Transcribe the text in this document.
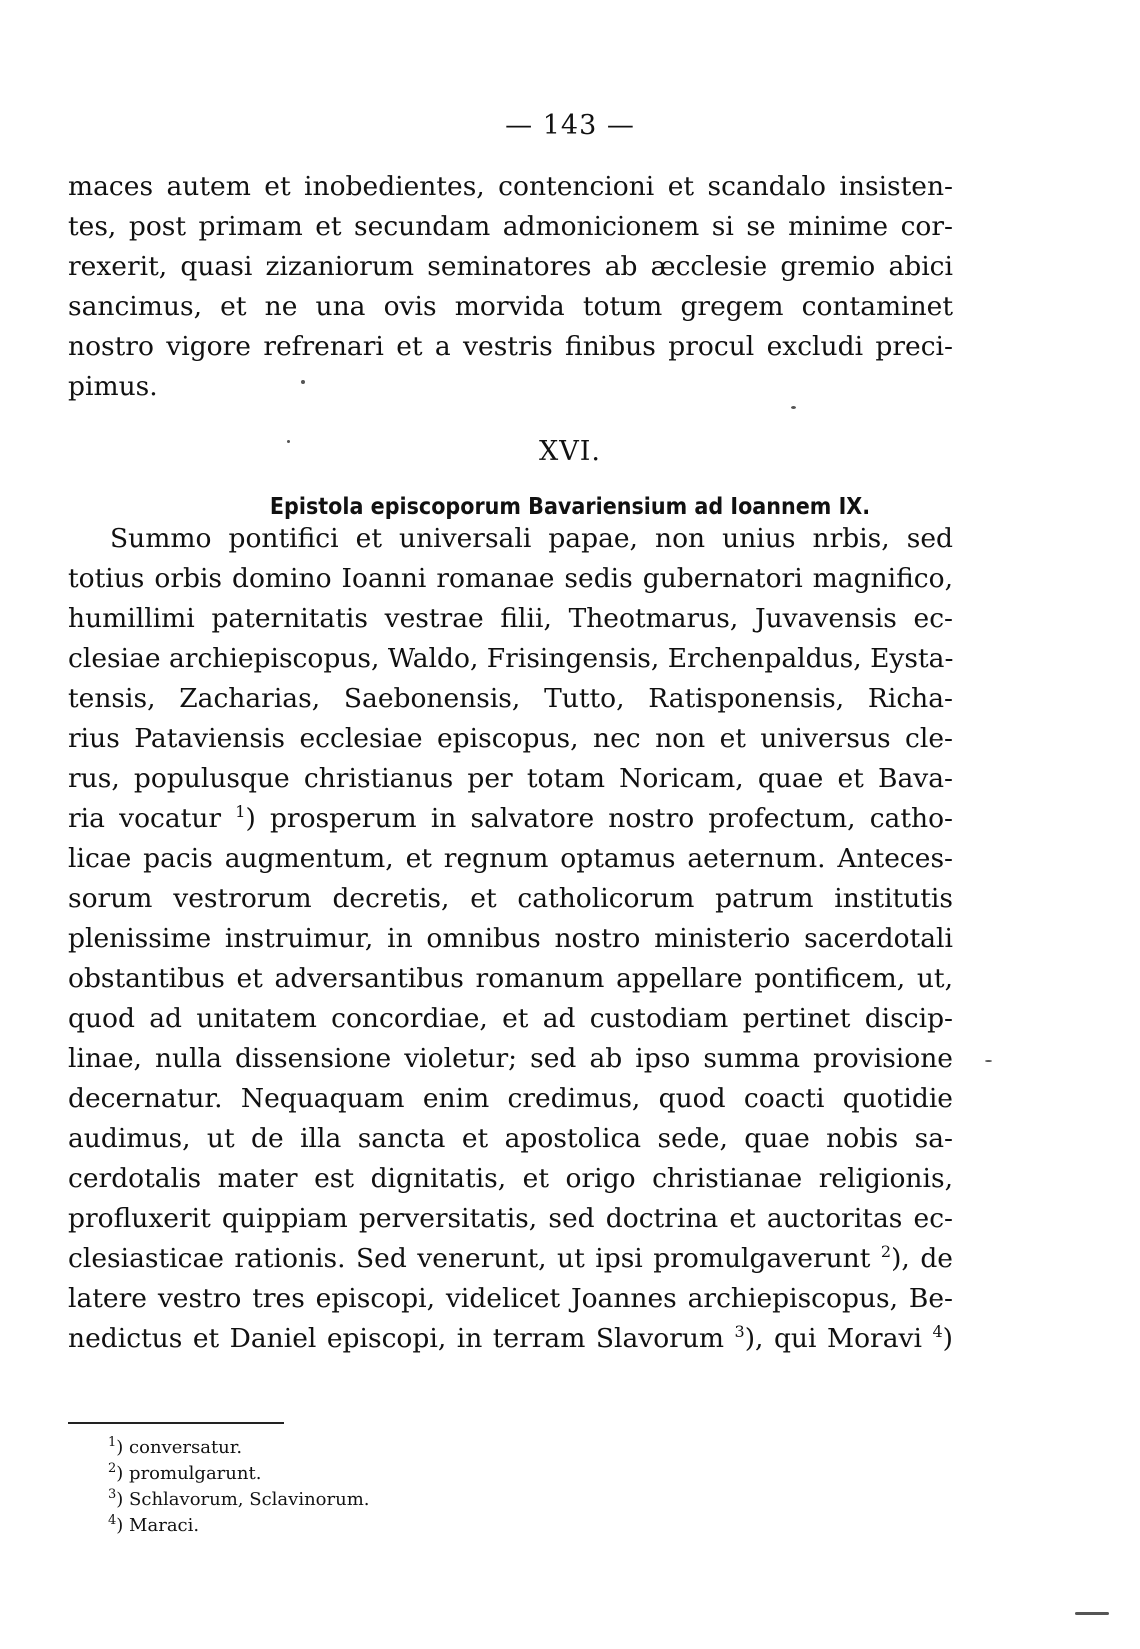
— 143 —
maces autem et inobedientes, contencioni et scandalo insisten-
tes, post primam et secundam admonicionem si se minime cor-
rexerit, quasi zizaniorum seminatores ab æcclesie gremio abici
sancimus, et ne una ovis morvida totum gregem contaminet
nostro vigore refrenari et a vestris finibus procul excludi preci-
pimus.
XVI.
Epistola episcoporum Bavariensium ad Ioannem IX.
Summo pontifici et universali papae, non unius nrbis, sed
totius orbis domino Ioanni romanae sedis gubernatori magnifico,
humillimi paternitatis vestrae filii, Theotmarus, Juvavensis ec-
clesiae archiepiscopus, Waldo, Frisingensis, Erchenpaldus, Eysta-
tensis, Zacharias, Saebonensis, Tutto, Ratisponensis, Richa-
rius Pataviensis ecclesiae episcopus, nec non et universus cle-
rus, populusque christianus per totam Noricam, quae et Bava-
ria vocatur $^1$) prosperum in salvatore nostro profectum, catho-
licae pacis augmentum, et regnum optamus aeternum. Anteces-
sorum vestrorum decretis, et catholicorum patrum institutis
plenissime instruimur, in omnibus nostro ministerio sacerdotali
obstantibus et adversantibus romanum appellare pontificem, ut,
quod ad unitatem concordiae, et ad custodiam pertinet discip-
linae, nulla dissensione violetur; sed ab ipso summa provisione
decernatur. Nequaquam enim credimus, quod coacti quotidie
audimus, ut de illa sancta et apostolica sede, quae nobis sa-
cerdotalis mater est dignitatis, et origo christianae religionis,
profluxerit quippiam perversitatis, sed doctrina et auctoritas ec-
clesiasticae rationis. Sed venerunt, ut ipsi promulgaverunt $^2$), de
latere vestro tres episcopi, videlicet Joannes archiepiscopus, Be-
nedictus et Daniel episcopi, in terram Slavorum $^3$), qui Moravi $^4$)
$^1$) conversatur.
$^2$) promulgarunt.
$^3$) Schlavorum, Sclavinorum.
$^4$) Maraci.
